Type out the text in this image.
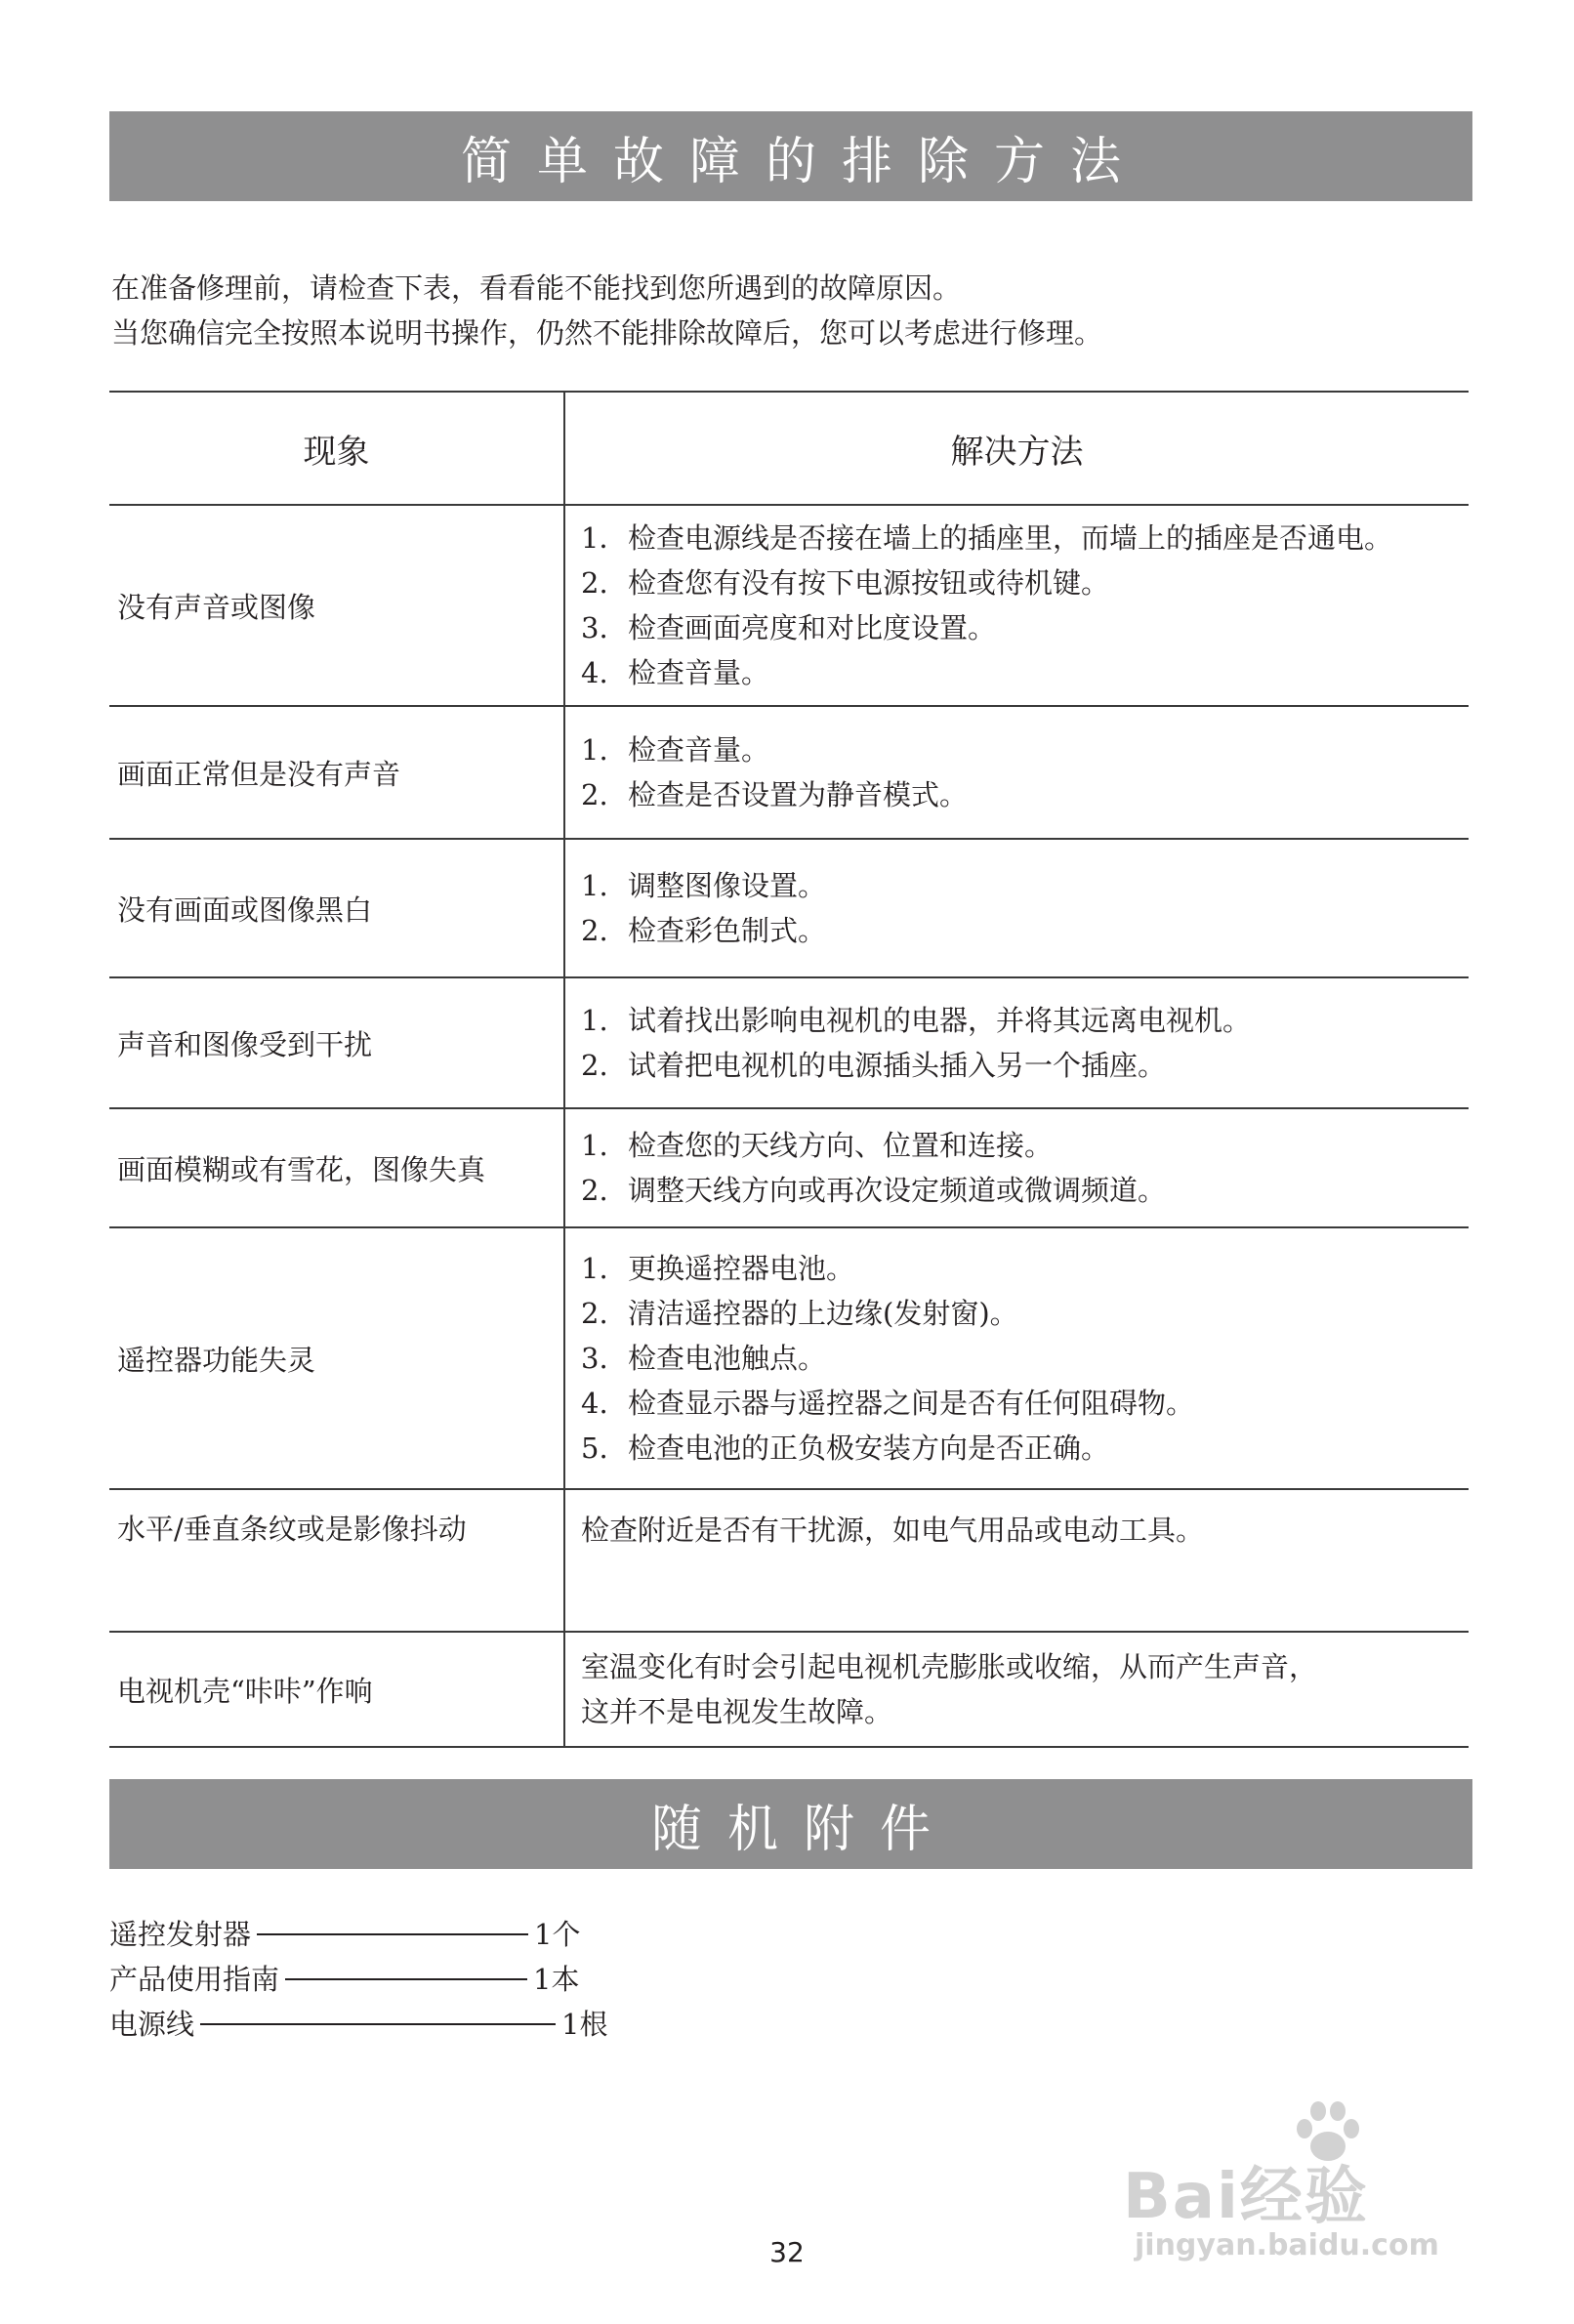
简单故障的排除方法
在准备修理前，请检查下表，看看能不能找到您所遇到的故障原因。
当您确信完全按照本说明书操作，仍然不能排除故障后，您可以考虑进行修理。
现象	解决方法
没有声音或图像	1．检查电源线是否接在墙上的插座里，而墙上的插座是否通电。
2. 检查您有没有按下电源按钮或待机键。
3. 检查画面亮度和对比度设置。
4. 检查音量。

画面正常但是没有声音	1. 检查音量。
2. 检查是否设置为静音模式。

没有画面或图像黑白	1. 调整图像设置。
2. 检查彩色制式。

声音和图像受到干扰	1. 试着找出影响电视机的电器，并将其远离电视机。
2. 试着把电视机的电源插头插入另一个插座。

画面模糊或有雪花，图像失真	1. 检查您的天线方向、位置和连接。
2. 调整天线方向或再次设定频道或微调频道。

遥控器功能失灵	1. 更换遥控器电池。
2. 清洁遥控器的上边缘(发射窗)。
3. 检查电池触点。
4. 检查显示器与遥控器之间是否有任何阻碍物。
5. 检查电池的正负极安装方向是否正确。

水平/垂直条纹或是影像抖动	检查附近是否有干扰源，如电气用品或电动工具。

电视机壳“咔咔”作响	室温变化有时会引起电视机壳膨胀或收缩，从而产生声音，
这并不是电视发生故障。
随机附件
遥控发射器	1个
产品使用指南	1本
电源线	1根
Bai经验
jingyan.baidu.com
32
